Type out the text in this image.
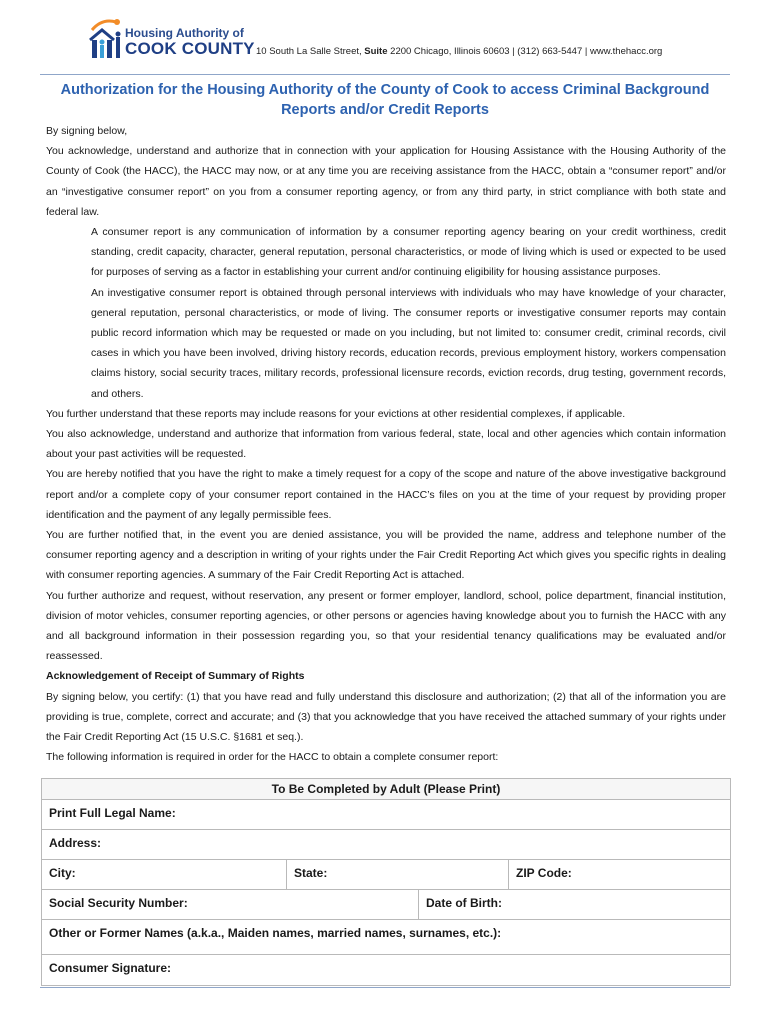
Housing Authority of
COOK COUNTY 10 South La Salle Street, Suite 2200 Chicago, Illinois 60603 | (312) 663-5447 | www.thehacc.org
Authorization for the Housing Authority of the County of Cook to access Criminal Background Reports and/or Credit Reports

By signing below,

You acknowledge, understand and authorize that in connection with your application for Housing Assistance with the Housing Authority of the County of Cook (the HACC), the HACC may now, or at any time you are receiving assistance from the HACC, obtain a “consumer report” and/or an “investigative consumer report” on you from a consumer reporting agency, or from any third party, in strict compliance with both state and federal law.

A consumer report is any communication of information by a consumer reporting agency bearing on your credit worthiness, credit standing, credit capacity, character, general reputation, personal characteristics, or mode of living which is used or expected to be used for purposes of serving as a factor in establishing your current and/or continuing eligibility for housing assistance purposes.

An investigative consumer report is obtained through personal interviews with individuals who may have knowledge of your character, general reputation, personal characteristics, or mode of living. The consumer reports or investigative consumer reports may contain public record information which may be requested or made on you including, but not limited to: consumer credit, criminal records, civil cases in which you have been involved, driving history records, education records, previous employment history, workers compensation claims history, social security traces, military records, professional licensure records, eviction records, drug testing, government records, and others.

You further understand that these reports may include reasons for your evictions at other residential complexes, if applicable.

You also acknowledge, understand and authorize that information from various federal, state, local and other agencies which contain information about your past activities will be requested.

You are hereby notified that you have the right to make a timely request for a copy of the scope and nature of the above investigative background report and/or a complete copy of your consumer report contained in the HACC’s files on you at the time of your request by providing proper identification and the payment of any legally permissible fees.

You are further notified that, in the event you are denied assistance, you will be provided the name, address and telephone number of the consumer reporting agency and a description in writing of your rights under the Fair Credit Reporting Act which gives you specific rights in dealing with consumer reporting agencies. A summary of the Fair Credit Reporting Act is attached.

You further authorize and request, without reservation, any present or former employer, landlord, school, police department, financial institution, division of motor vehicles, consumer reporting agencies, or other persons or agencies having knowledge about you to furnish the HACC with any and all background information in their possession regarding you, so that your residential tenancy qualifications may be evaluated and/or reassessed.

Acknowledgement of Receipt of Summary of Rights

By signing below, you certify: (1) that you have read and fully understand this disclosure and authorization; (2) that all of the information you are providing is true, complete, correct and accurate; and (3) that you acknowledge that you have received the attached summary of your rights under the Fair Credit Reporting Act (15 U.S.C. §1681 et seq.).

The following information is required in order for the HACC to obtain a complete consumer report:

To Be Completed by Adult (Please Print)
Print Full Legal Name:
Address:
City:	State:	ZIP Code:
Social Security Number:	Date of Birth:
Other or Former Names (a.k.a., Maiden names, married names, surnames, etc.):
Consumer Signature:
